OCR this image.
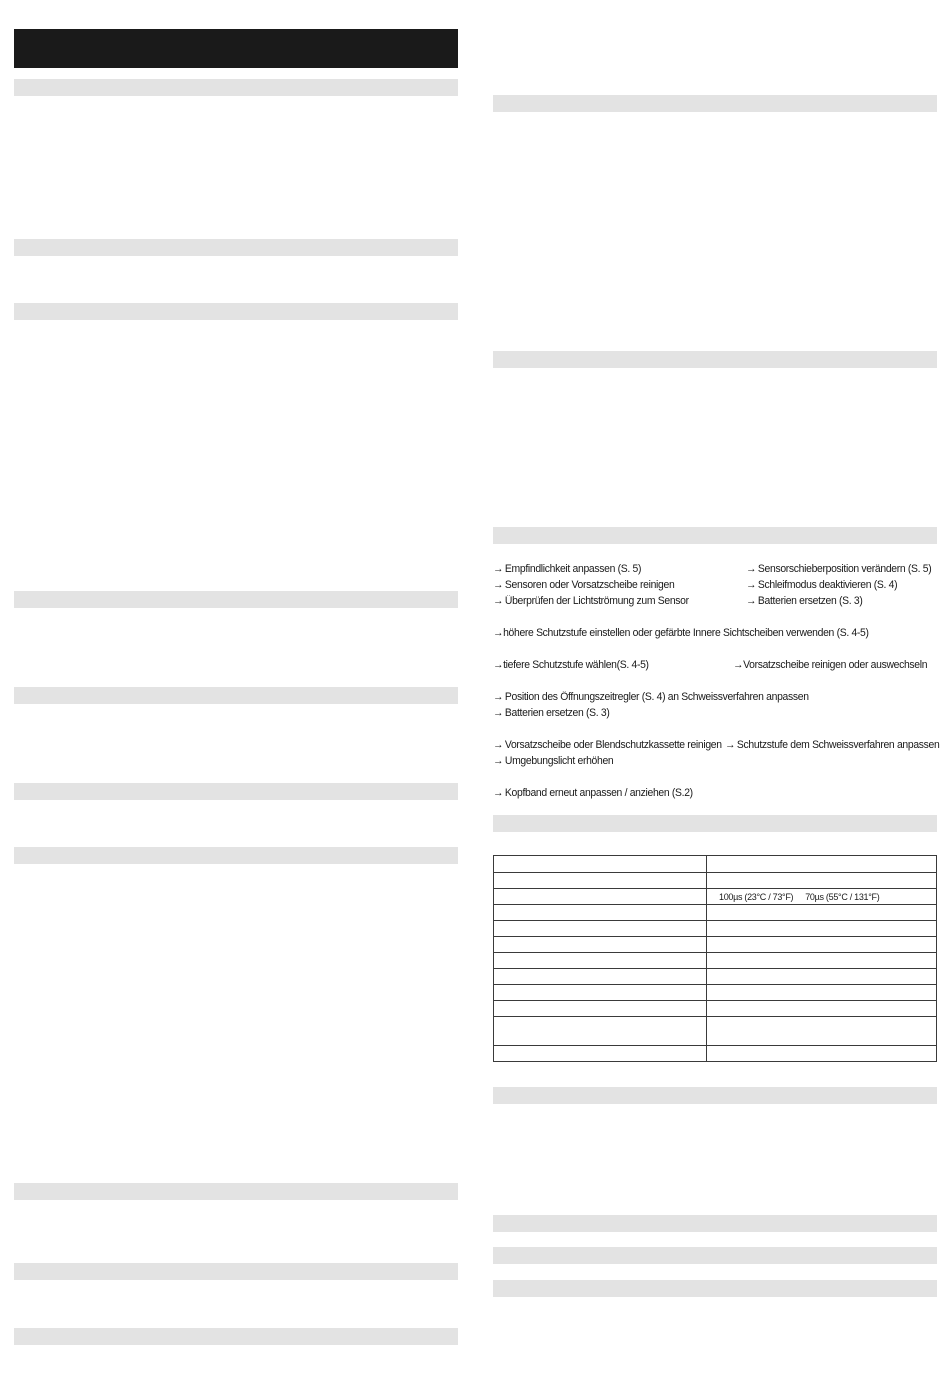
→ Empfindlichkeit anpassen (S. 5)	→ Sensorschieberposition verändern (S. 5)
→ Sensoren oder Vorsatzscheibe reinigen	→ Schleifmodus deaktivieren (S. 4)
→ Überprüfen der Lichtströmung zum Sensor	→ Batterien ersetzen (S. 3)
→höhere Schutzstufe einstellen oder gefärbte Innere Sichtscheiben verwenden (S. 4-5)
→tiefere Schutzstufe wählen(S. 4-5)	→Vorsatzscheibe reinigen oder auswechseln
→ Position des Öffnungszeitregler (S. 4) an Schweissverfahren anpassen
→ Batterien ersetzen (S. 3)
→ Vorsatzscheibe oder Blendschutzkassette reinigen → Schutzstufe dem Schweissverfahren anpassen
→ Umgebungslicht erhöhen
→ Kopfband erneut anpassen / anziehen (S.2)

	100µs (23°C / 73°F) 70µs (55°C / 131°F)
